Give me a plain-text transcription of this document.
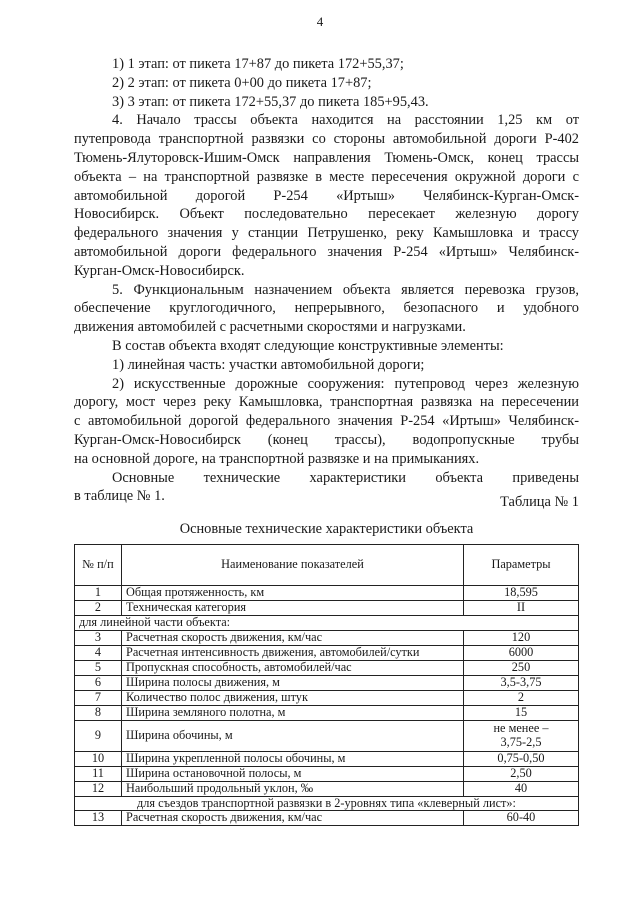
4

1) 1 этап: от пикета 17+87 до пикета 172+55,37;

2) 2 этап: от пикета 0+00 до пикета 17+87;

3) 3 этап: от пикета 172+55,37 до пикета 185+95,43.

4. Начало трассы объекта находится на расстоянии 1,25 км от

путепровода транспортной развязки со стороны автомобильной дороги Р-402

Тюмень-Ялуторовск-Ишим-Омск направления Тюмень-Омск, конец трассы

объекта – на транспортной развязке в месте пересечения окружной дороги с

автомобильной дорогой Р-254 «Иртыш» Челябинск-Курган-Омск-

Новосибирск. Объект последовательно пересекает железную дорогу

федерального значения у станции Петрушенко, реку Камышловка и трассу

автомобильной дороги федерального значения Р-254 «Иртыш» Челябинск-

Курган-Омск-Новосибирск.

5. Функциональным назначением объекта является перевозка грузов,

обеспечение круглогодичного, непрерывного, безопасного и удобного

движения автомобилей с расчетными скоростями и нагрузками.

В состав объекта входят следующие конструктивные элементы:

1) линейная часть: участки автомобильной дороги;

2) искусственные дорожные сооружения: путепровод через железную

дорогу, мост через реку Камышловка, транспортная развязка на пересечении

с автомобильной дорогой федерального значения Р-254 «Иртыш» Челябинск-

Курган-Омск-Новосибирск (конец трассы), водопропускные трубы

на основной дороге, на транспортной развязке и на примыканиях.

Основные технические характеристики объекта приведены

в таблице № 1.	Таблица № 1
Основные технические характеристики объекта
№ п/п	Наименование показателей	Параметры
1	Общая протяженность, км	18,595
2	Техническая категория	II
для линейной части объекта:		
3	Расчетная скорость движения, км/час	120
4	Расчетная интенсивность движения, автомобилей/сутки	6000
5	Пропускная способность, автомобилей/час	250
6	Ширина полосы движения, м	3,5-3,75
7	Количество полос движения, штук	2
8	Ширина земляного полотна, м	15
9	Ширина обочины, м	не менее –
3,75-2,5

10	Ширина укрепленной полосы обочины, м	0,75-0,50
11	Ширина остановочной полосы, м	2,50
12	Наибольший продольный уклон, ‰	40
для съездов транспортной развязки в 2-уровнях типа «клеверный лист»:		
13	Расчетная скорость движения, км/час	60-40
